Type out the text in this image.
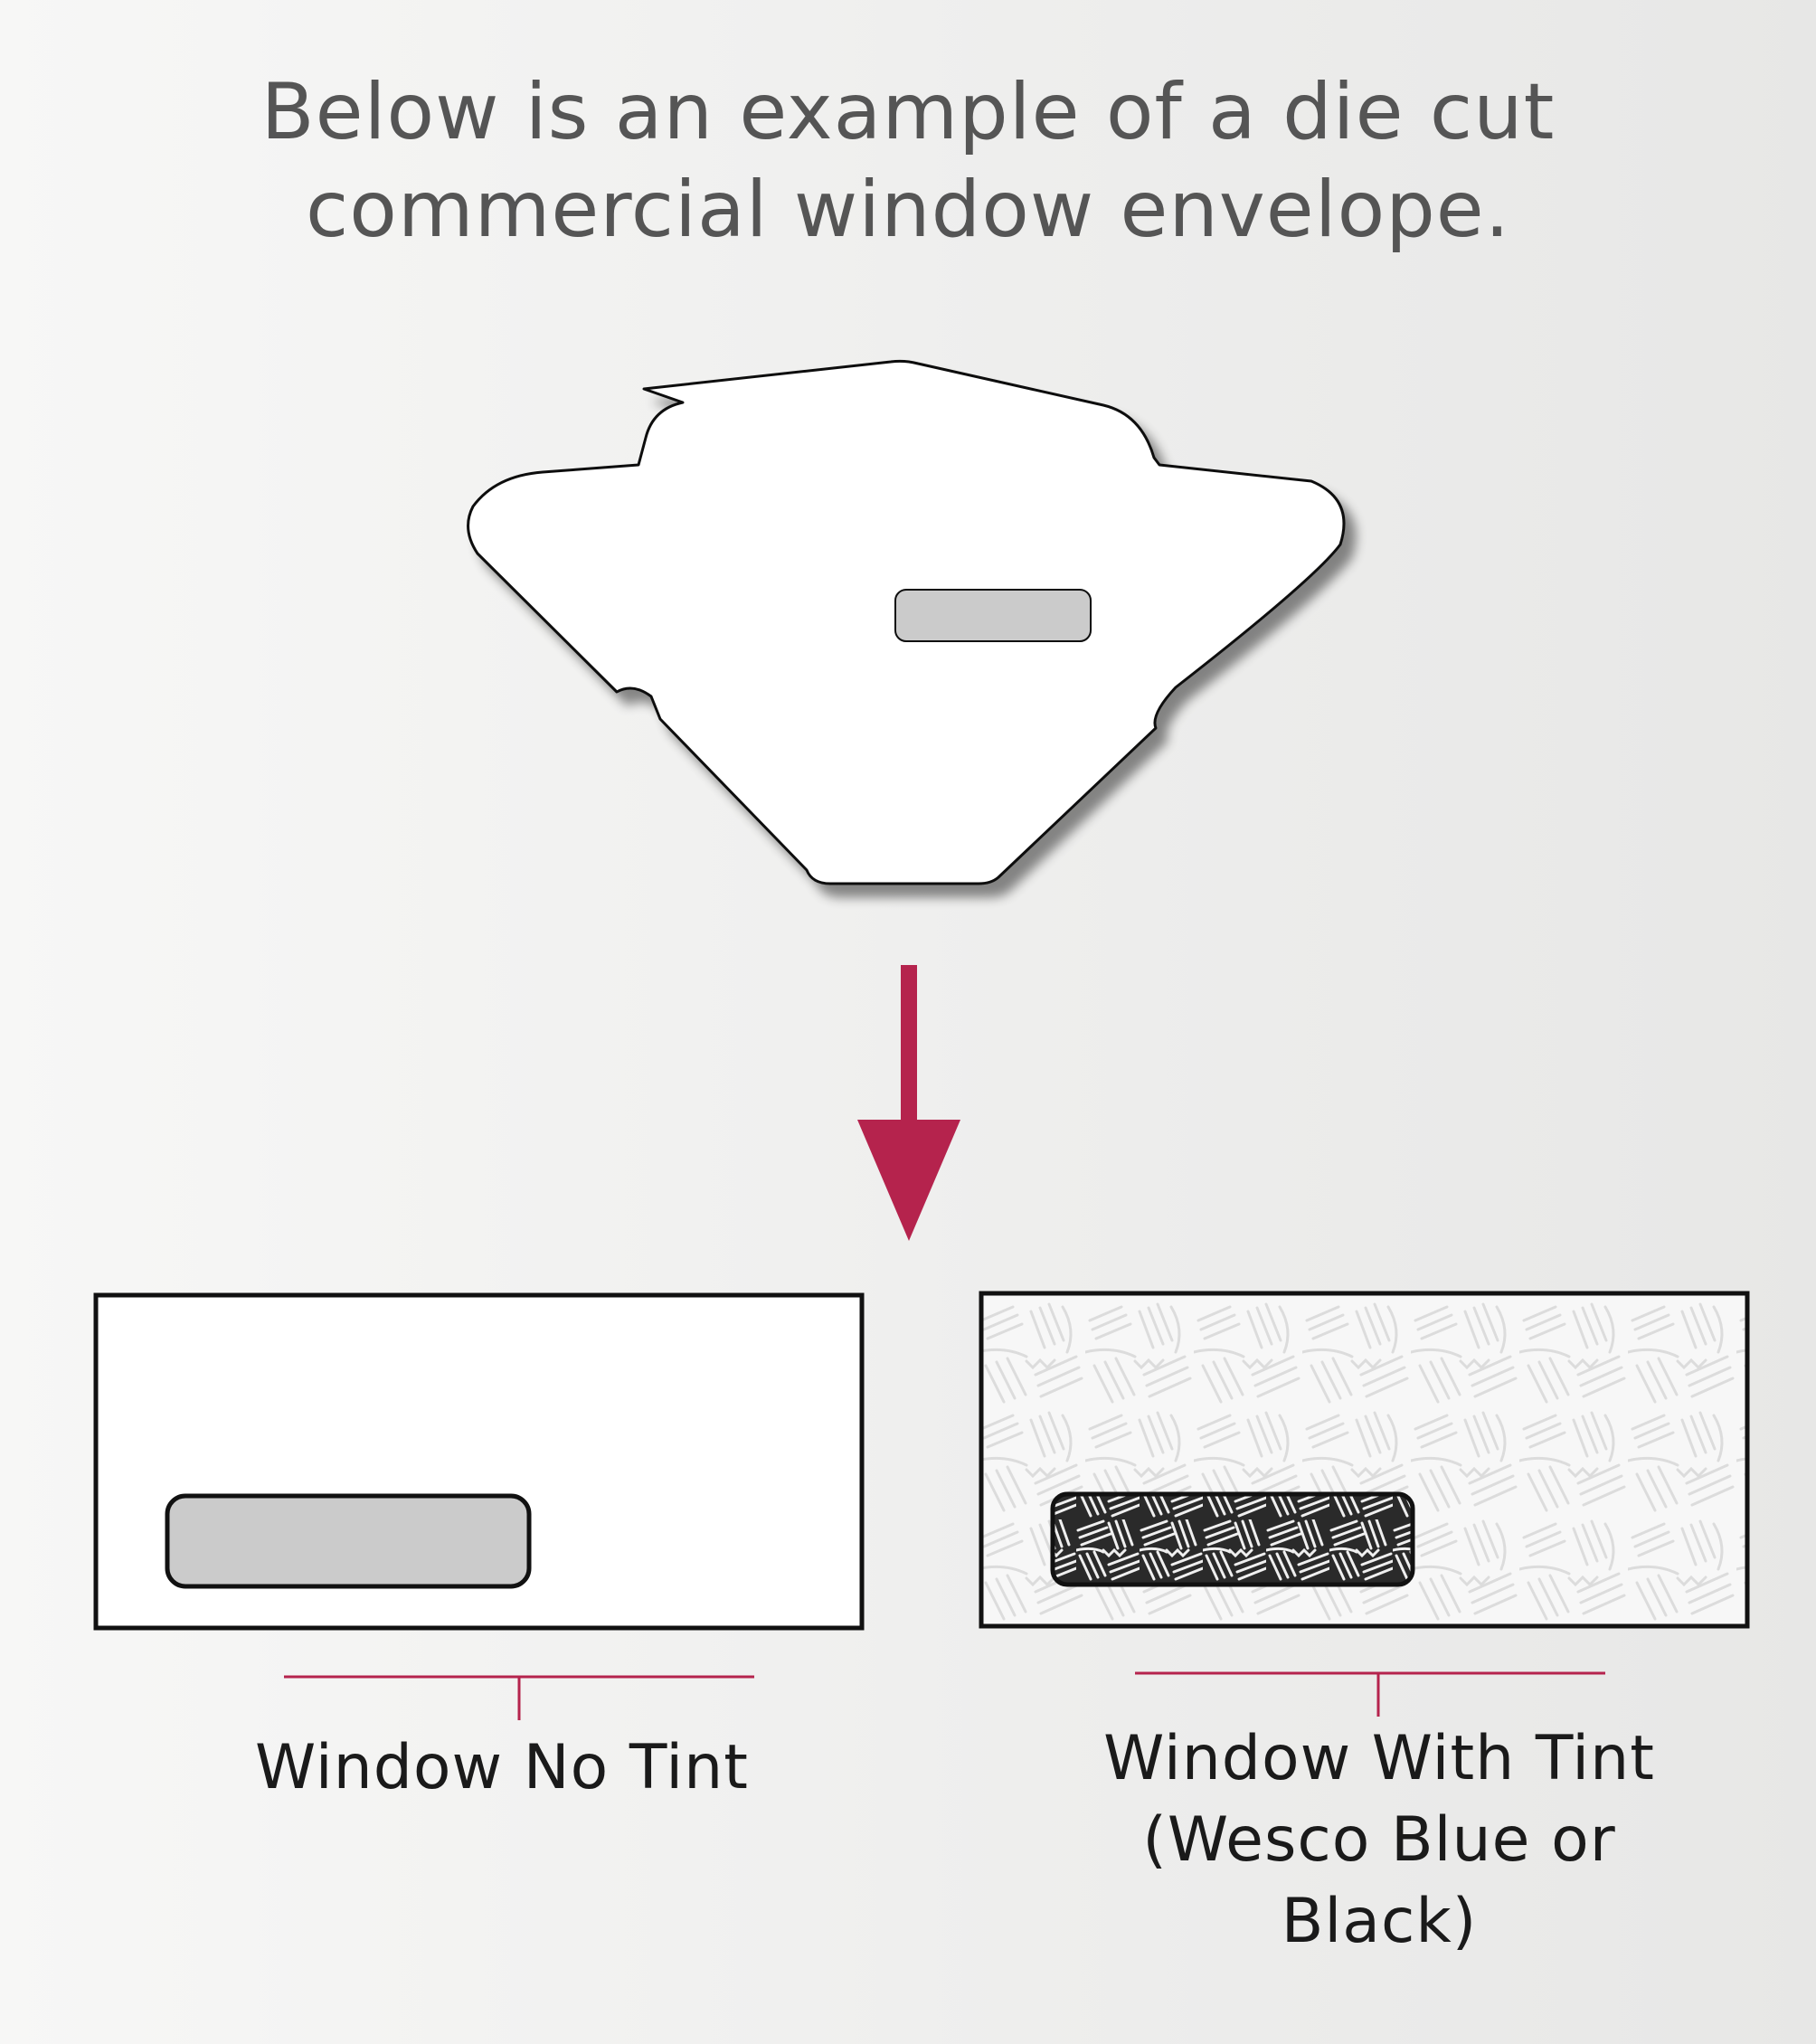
Below is an example of a die cut
commercial window envelope.
Window No Tint	Window With Tint
(Wesco Blue or
Black)
